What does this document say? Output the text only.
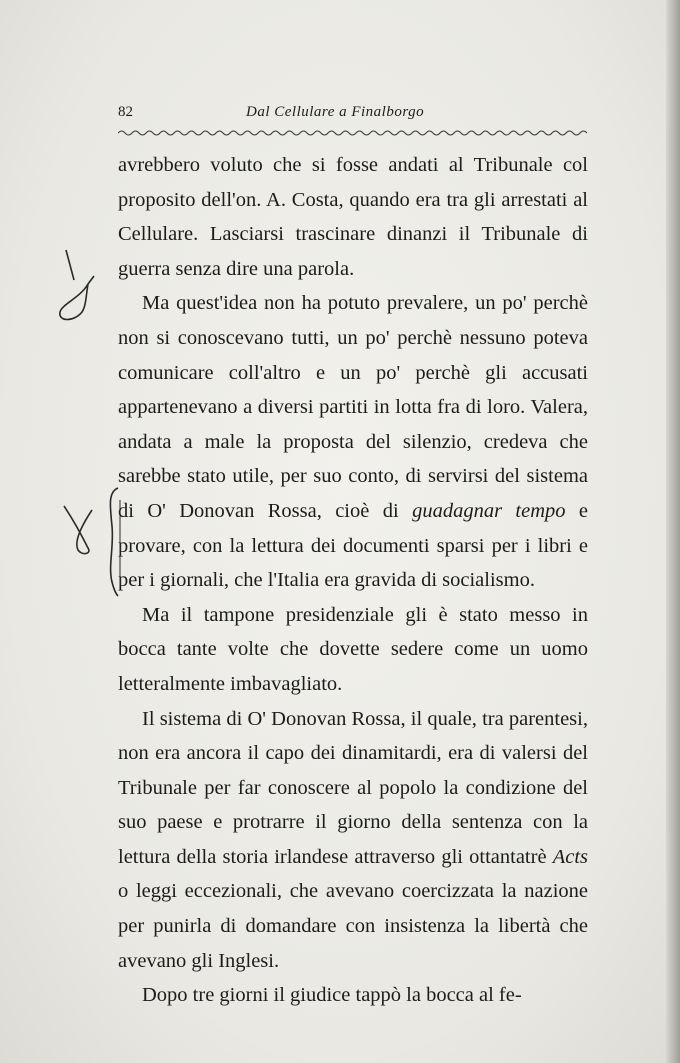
82	Dal Cellulare a Finalborgo

avrebbero voluto che si fosse andati al Tribunale col proposito dell'on. A. Costa, quando era tra gli arrestati al Cellulare. Lasciarsi trascinare dinanzi il Tribunale di guerra senza dire una parola.

Ma quest'idea non ha potuto prevalere, un po' perchè non si conoscevano tutti, un po' perchè nessuno poteva comunicare coll'altro e un po' perchè gli accusati appartenevano a diversi partiti in lotta fra di loro. Valera, andata a male la proposta del silenzio, credeva che sarebbe stato utile, per suo conto, di servirsi del sistema di O' Donovan Rossa, cioè di guadagnar tempo e provare, con la lettura dei documenti sparsi per i libri e per i giornali, che l'Italia era gravida di socialismo.

Ma il tampone presidenziale gli è stato messo in bocca tante volte che dovette sedere come un uomo letteralmente imbavagliato.

Il sistema di O' Donovan Rossa, il quale, tra parentesi, non era ancora il capo dei dinamitardi, era di valersi del Tribunale per far conoscere al popolo la condizione del suo paese e protrarre il giorno della sentenza con la lettura della storia irlandese attraverso gli ottantatrè Acts o leggi eccezionali, che avevano coercizzata la nazione per punirla di domandare con insistenza la libertà che avevano gli Inglesi.

Dopo tre giorni il giudice tappò la bocca al fe-
